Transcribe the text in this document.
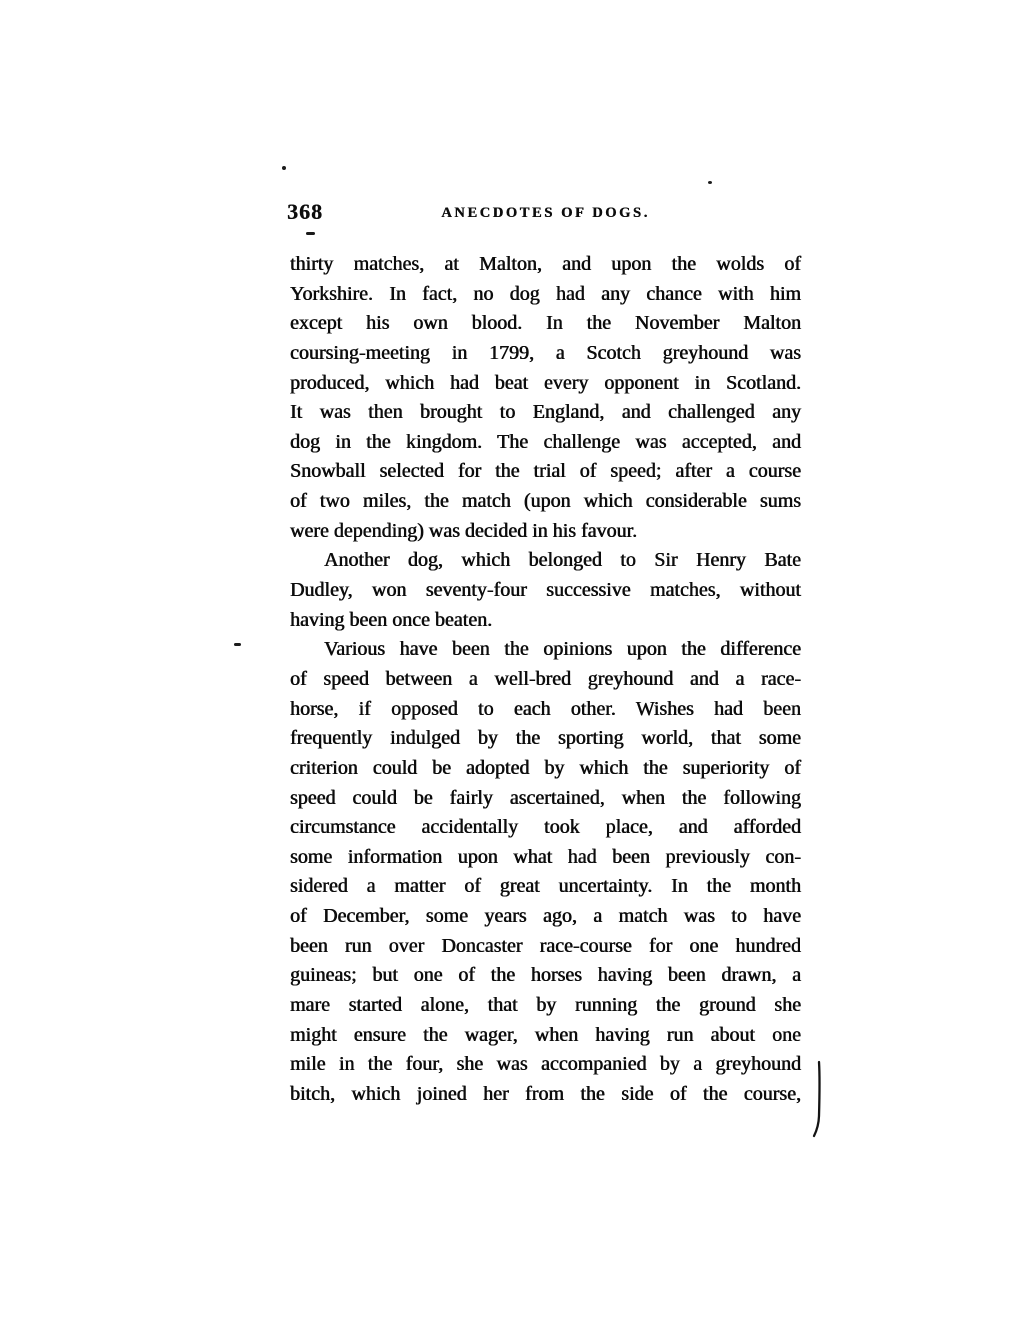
368	ANECDOTES OF DOGS.
thirty matches, at Malton, and upon the wolds of
Yorkshire. In fact, no dog had any chance with him
except his own blood. In the November Malton
coursing-meeting in 1799, a Scotch greyhound was
produced, which had beat every opponent in Scotland.
It was then brought to England, and challenged any
dog in the kingdom. The challenge was accepted, and
Snowball selected for the trial of speed; after a course
of two miles, the match (upon which considerable sums
were depending) was decided in his favour.
Another dog, which belonged to Sir Henry Bate
Dudley, won seventy-four successive matches, without
having been once beaten.
Various have been the opinions upon the difference
of speed between a well-bred greyhound and a race-
horse, if opposed to each other. Wishes had been
frequently indulged by the sporting world, that some
criterion could be adopted by which the superiority of
speed could be fairly ascertained, when the following
circumstance accidentally took place, and afforded
some information upon what had been previously con-
sidered a matter of great uncertainty. In the month
of December, some years ago, a match was to have
been run over Doncaster race-course for one hundred
guineas; but one of the horses having been drawn, a
mare started alone, that by running the ground she
might ensure the wager, when having run about one
mile in the four, she was accompanied by a greyhound
bitch, which joined her from the side of the course,
